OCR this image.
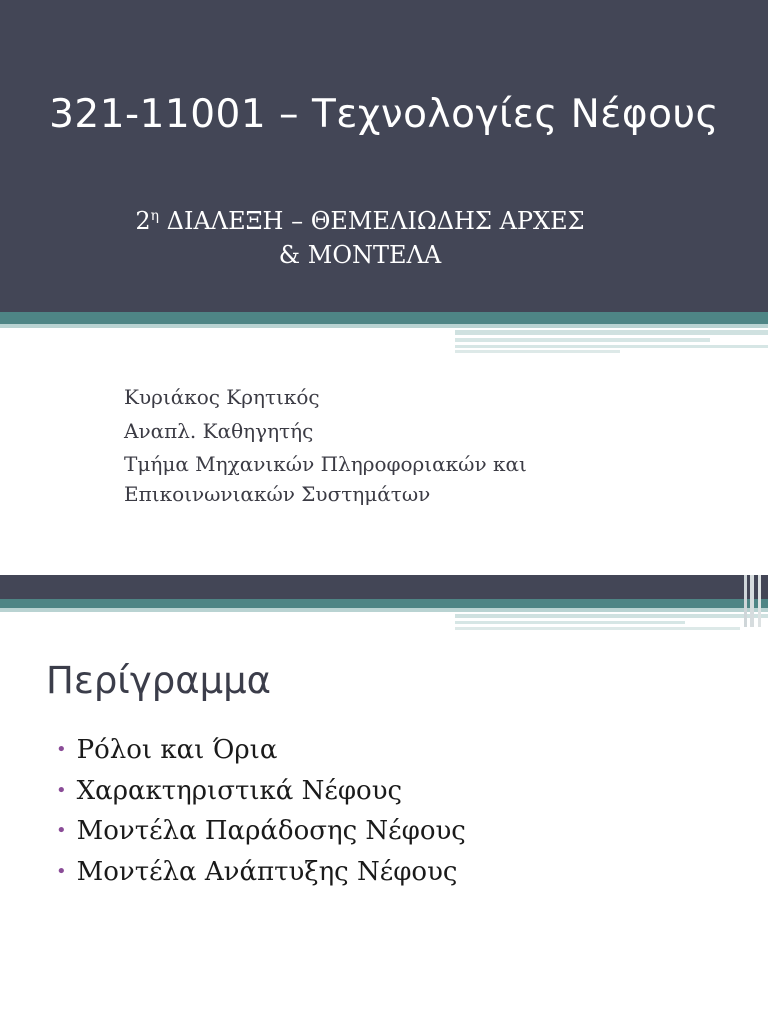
321-11001 – Τεχνολογίες Νέφους
$2^\eta$ ΔΙΑΛΕΞΗ – ΘΕΜΕΛΙΩΔΗΣ ΑΡΧΕΣ
& ΜΟΝΤΕΛΑ
Κυριάκος Κρητικός
Αναπλ. Καθηγητής
Τμήμα Μηχανικών Πληροφοριακών και
Επικοινωνιακών Συστημάτων
Περίγραμμα
• Ρόλοι και Όρια
• Χαρακτηριστικά Νέφους
• Μοντέλα Παράδοσης Νέφους
• Μοντέλα Ανάπτυξης Νέφους
